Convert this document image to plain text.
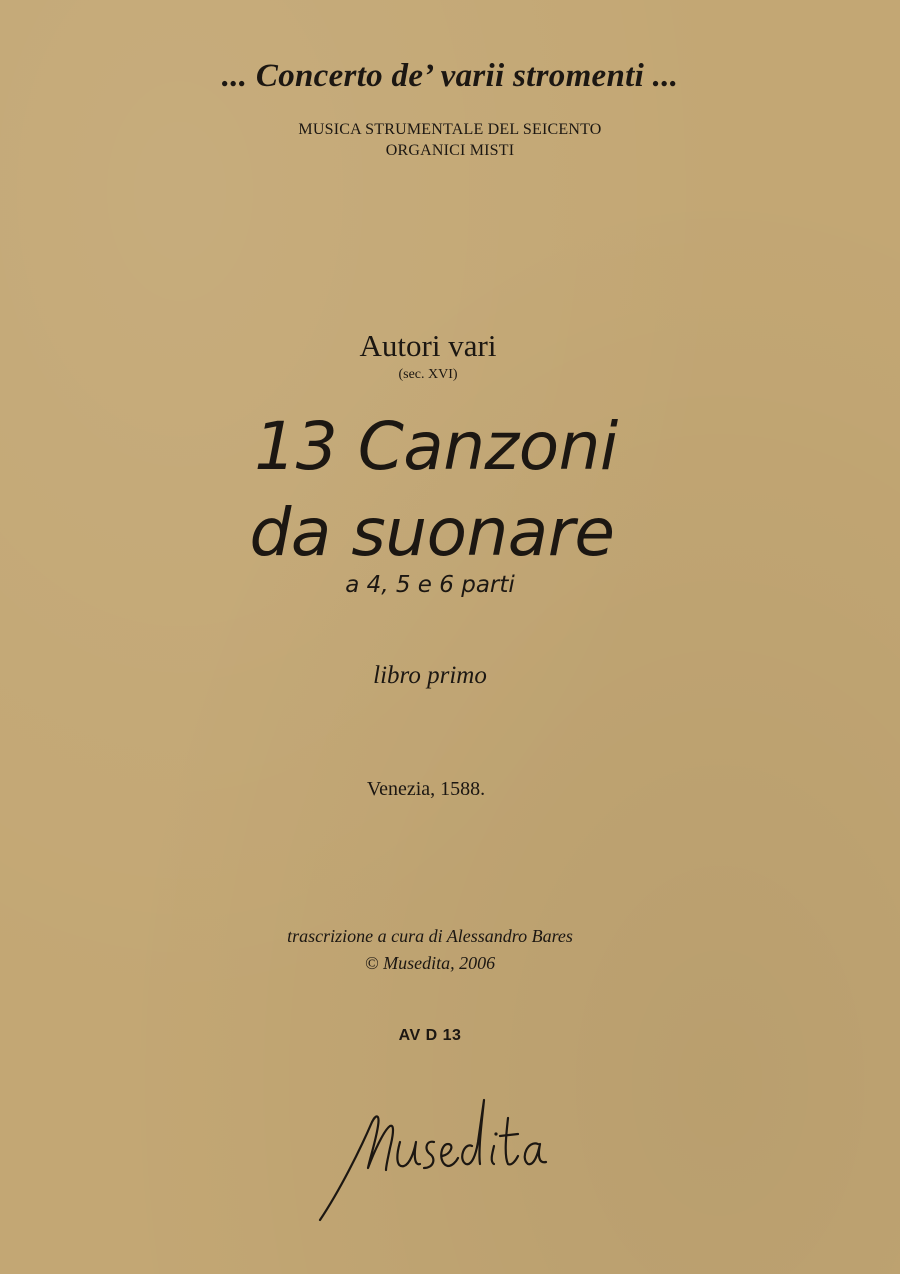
... Concerto de’ varii stromenti ...
MUSICA STRUMENTALE DEL SEICENTO
ORGANICI MISTI
Autori vari
(sec. XVI)
13 Canzoni
da suonare
a 4, 5 e 6 parti
libro primo
Venezia, 1588.
trascrizione a cura di Alessandro Bares
© Musedita, 2006
AV D 13
